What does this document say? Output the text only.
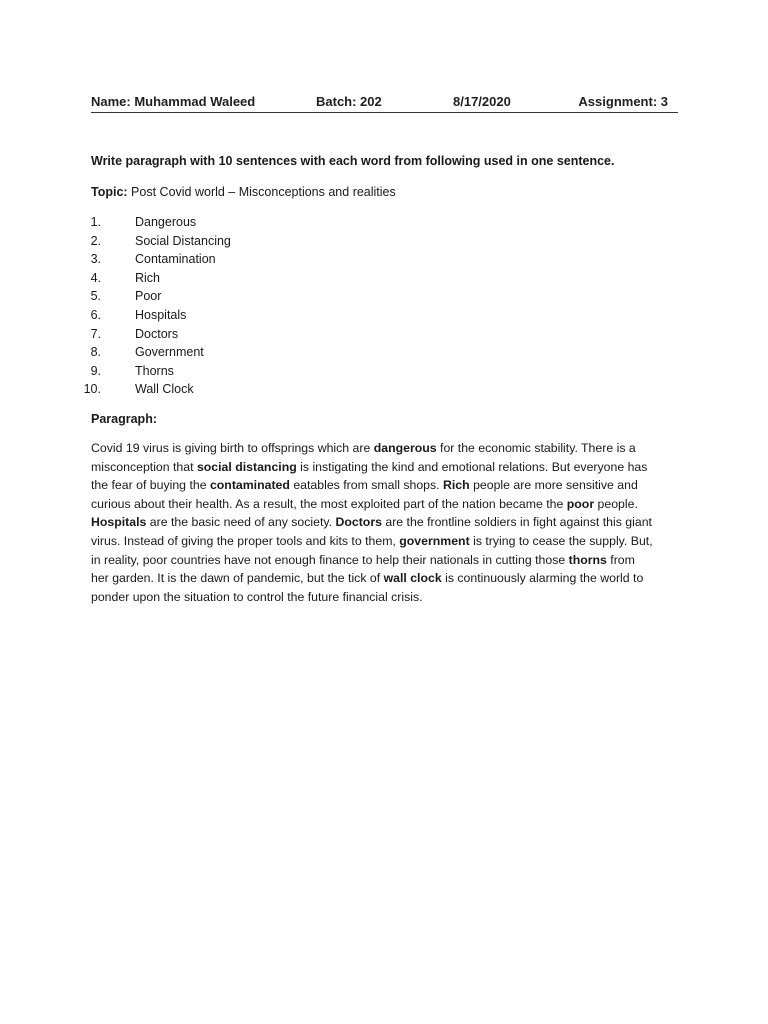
Name: Muhammad Waleed	Batch: 202	8/17/2020	Assignment: 3
Write paragraph with 10 sentences with each word from following used in one sentence.
Topic: Post Covid world – Misconceptions and realities
1.	Dangerous
2.	Social Distancing
3.	Contamination
4.	Rich
5.	Poor
6.	Hospitals
7.	Doctors
8.	Government
9.	Thorns
10.	Wall Clock
Paragraph:
Covid 19 virus is giving birth to offsprings which are dangerous for the economic stability. There is a
misconception that social distancing is instigating the kind and emotional relations. But everyone has
the fear of buying the contaminated eatables from small shops. Rich people are more sensitive and
curious about their health. As a result, the most exploited part of the nation became the poor people.
Hospitals are the basic need of any society. Doctors are the frontline soldiers in fight against this giant
virus. Instead of giving the proper tools and kits to them, government is trying to cease the supply. But,
in reality, poor countries have not enough finance to help their nationals in cutting those thorns from
her garden. It is the dawn of pandemic, but the tick of wall clock is continuously alarming the world to
ponder upon the situation to control the future financial crisis.
